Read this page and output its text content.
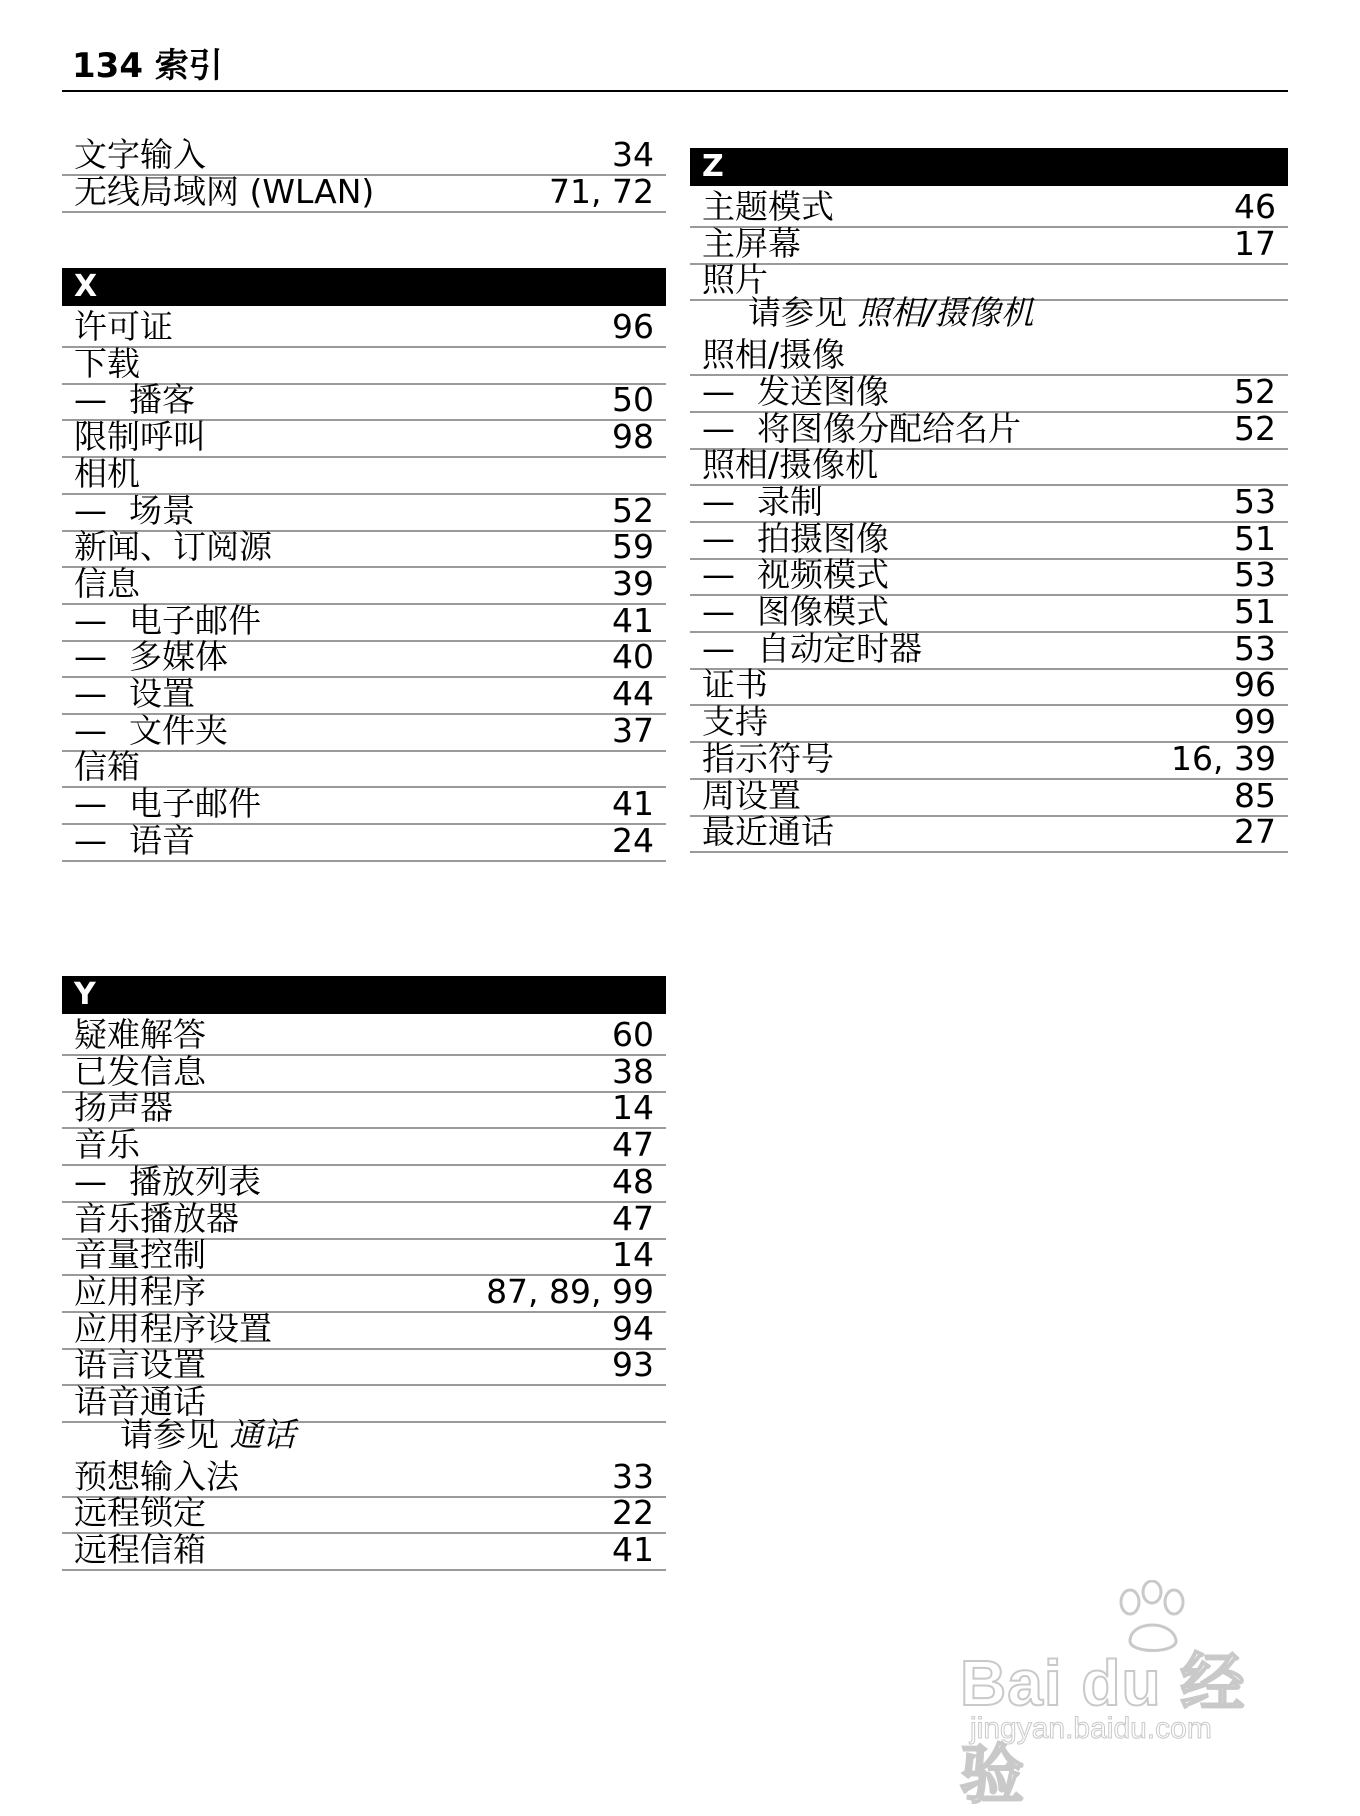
134 索引
文字输入	34
无线局域网 (WLAN)	71, 72
X
许可证	96
下载
— 播客	50
限制呼叫	98
相机
— 场景	52
新闻、订阅源	59
信息	39
— 电子邮件	41
— 多媒体	40
— 设置	44
— 文件夹	37
信箱
— 电子邮件	41
— 语音	24
Y
疑难解答	60
已发信息	38
扬声器	14
音乐	47
— 播放列表	48
音乐播放器	47
音量控制	14
应用程序	87, 89, 99
应用程序设置	94
语言设置	93
语音通话
请参见 通话
预想输入法	33
远程锁定	22
远程信箱	41
Z
主题模式	46
主屏幕	17
照片
请参见 照相/摄像机
照相/摄像
— 发送图像	52
— 将图像分配给名片	52
照相/摄像机
— 录制	53
— 拍摄图像	51
— 视频模式	53
— 图像模式	51
— 自动定时器	53
证书	96
支持	99
指示符号	16, 39
周设置	85
最近通话	27
Bai du 经验
jingyan.baidu.com
